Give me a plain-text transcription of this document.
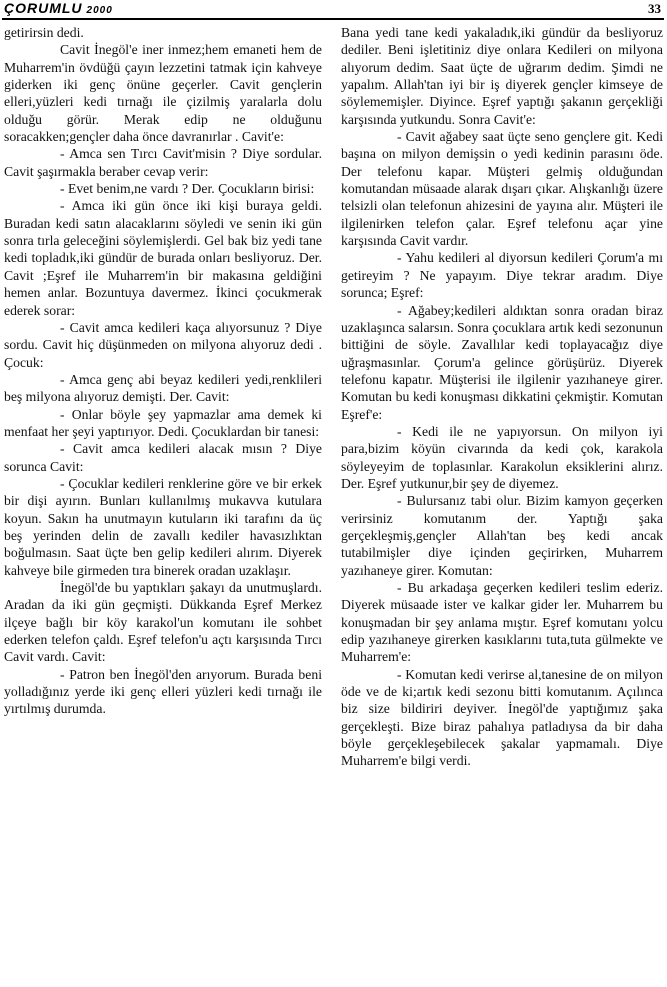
ÇORUMLU 2000	33

getirirsin dedi.

Cavit İnegöl'e iner inmez;hem emaneti hem de Muharrem'in övdüğü çayın lezzetini tatmak için kahveye giderken iki genç önüne geçerler. Cavit gençlerin elleri,yüzleri kedi tırnağı ile çizilmiş yaralarla dolu olduğu görür. Merak edip ne olduğunu soracakken;gençler daha önce davranırlar . Cavit'e:

- Amca sen Tırcı Cavit'misin ? Diye sordular. Cavit şaşırmakla beraber cevap verir:

- Evet benim,ne vardı ? Der. Çocukların birisi:

- Amca iki gün önce iki kişi buraya geldi. Buradan kedi satın alacaklarını söyledi ve senin iki gün sonra tırla geleceğini söylemişlerdi. Gel bak biz yedi tane kedi topladık,iki gündür de burada onları besliyoruz. Der. Cavit ;Eşref ile Muharrem'in bir makasına geldiğini hemen anlar. Bozuntuya davermez. İkinci çocukmerak ederek sorar:

- Cavit amca kedileri kaça alıyorsunuz ? Diye sordu. Cavit hiç düşünmeden on milyona alıyoruz dedi . Çocuk:

- Amca genç abi beyaz kedileri yedi,renklileri beş milyona alıyoruz demişti. Der. Cavit:

- Onlar böyle şey yapmazlar ama demek ki menfaat her şeyi yaptırıyor. Dedi. Çocuklardan bir tanesi:

- Cavit amca kedileri alacak mısın ? Diye sorunca Cavit:

- Çocuklar kedileri renklerine göre ve bir erkek bir dişi ayırın. Bunları kullanılmış mukavva kutulara koyun. Sakın ha unutmayın kutuların iki tarafını da üç beş yerinden delin de zavallı kediler havasızlıktan boğulmasın. Saat üçte ben gelip kedileri alırım. Diyerek kahveye bile girmeden tıra binerek oradan uzaklaşır.

İnegöl'de bu yaptıkları şakayı da unutmuşlardı. Aradan da iki gün geçmişti. Dükkanda Eşref Merkez ilçeye bağlı bir köy karakol'un komutanı ile sohbet ederken telefon çaldı. Eşref telefon'u açtı karşısında Tırcı Cavit vardı. Cavit:

- Patron ben İnegöl'den arıyorum. Burada beni yolladığınız yerde iki genç elleri yüzleri kedi tırnağı ile yırtılmış durumda.

Bana yedi tane kedi yakaladık,iki gündür da besliyoruz dediler. Beni işletitiniz diye onlara Kedileri on milyona alıyorum dedim. Saat üçte de uğrarım dedim. Şimdi ne yapalım. Allah'tan iyi bir iş diyerek gençler kimseye de söylememişler. Diyince. Eşref yaptığı şakanın gerçekliği karşısında yutkundu. Sonra Cavit'e:

- Cavit ağabey saat üçte seno gençlere git. Kedi başına on milyon demişsin o yedi kedinin parasını öde. Der telefonu kapar. Müşteri gelmiş olduğundan komutandan müsaade alarak dışarı çıkar. Alışkanlığı üzere telsizli olan telefonun ahizesini de yayına alır. Müşteri ile ilgilenirken telefon çalar. Eşref telefonu açar yine karşısında Cavit vardır.

- Yahu kedileri al diyorsun kedileri Çorum'a mı getireyim ? Ne yapayım. Diye tekrar aradım. Diye sorunca; Eşref:

- Ağabey;kedileri aldıktan sonra oradan biraz uzaklaşınca salarsın. Sonra çocuklara artık kedi sezonunun bittiğini de söyle. Zavallılar kedi toplayacağız diye uğraşmasınlar. Çorum'a gelince görüşürüz. Diyerek telefonu kapatır. Müşterisi ile ilgilenir yazıhaneye girer. Komutan bu kedi konuşması dikkatini çekmiştir. Komutan Eşref'e:

- Kedi ile ne yapıyorsun. On milyon iyi para,bizim köyün civarında da kedi çok, karakola söyleyeyim de toplasınlar. Karakolun eksiklerini alırız. Der. Eşref yutkunur,bir şey de diyemez.

- Bulursanız tabi olur. Bizim kamyon geçerken verirsiniz komutanım der. Yaptığı şaka gerçekleşmiş,gençler Allah'tan beş kedi ancak tutabilmişler diye içinden geçirirken, Muharrem yazıhaneye girer. Komutan:

- Bu arkadaşa geçerken kedileri teslim ederiz. Diyerek müsaade ister ve kalkar gider ler. Muharrem bu konuşmadan bir şey anlama mıştır. Eşref komutanı yolcu edip yazıhaneye girerken kasıklarını tuta,tuta gülmekte ve Muharrem'e:

- Komutan kedi verirse al,tanesine de on milyon öde ve de ki;artık kedi sezonu bitti komutanım. Açılınca biz size bildiriri deyiver. İnegöl'de yaptığımız şaka gerçekleşti. Bize biraz pahalıya patladıysa da bir daha böyle gerçekleşebilecek şakalar yapmamalı. Diye Muharrem'e bilgi verdi.
